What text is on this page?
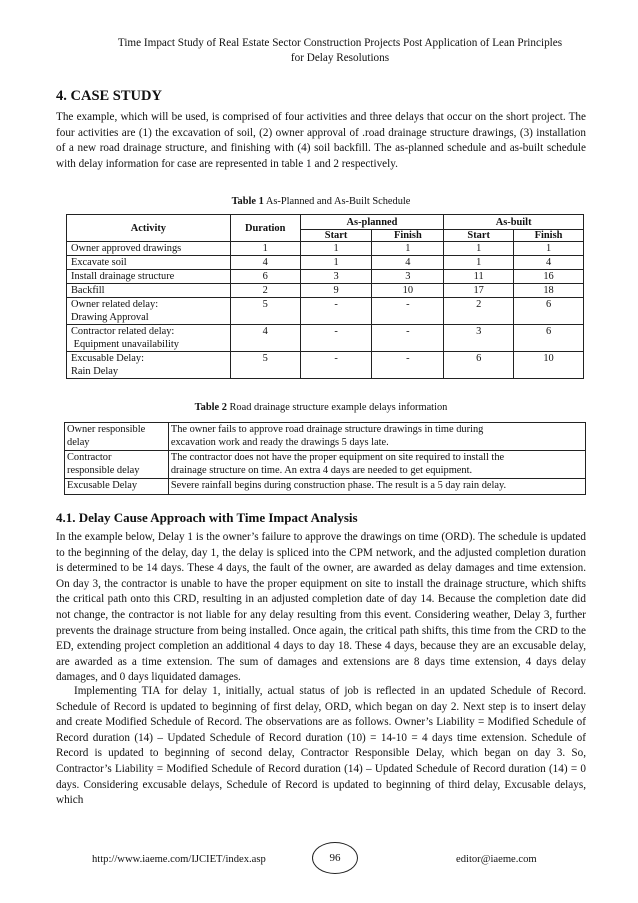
Time Impact Study of Real Estate Sector Construction Projects Post Application of Lean Principles
for Delay Resolutions
4. CASE STUDY

The example, which will be used, is comprised of four activities and three delays that occur on the short project. The four activities are (1) the excavation of soil, (2) owner approval of .road drainage structure drawings, (3) installation of a new road drainage structure, and finishing with (4) soil backfill. The as-planned schedule and as-built schedule with delay information for case are represented in table 1 and 2 respectively.

Table 1 As-Planned and As-Built Schedule

Activity	Duration	As-planned		As-built	
		Start	Finish	Start	Finish
Owner approved drawings	1	1	1	1	1
Excavate soil	4	1	4	1	4
Install drainage structure	6	3	3	11	16
Backfill	2	9	10	17	18
Owner related delay:
Drawing Approval	5	-	-	2	6
Contractor related delay:
Equipment unavailability	4	-	-	3	6
Excusable Delay:
Rain Delay	5	-	-	6	10

Table 2 Road drainage structure example delays information

Owner responsible
delay	The owner fails to approve road drainage structure drawings in time during
excavation work and ready the drawings 5 days late.
Contractor
responsible delay	The contractor does not have the proper equipment on site required to install the
drainage structure on time. An extra 4 days are needed to get equipment.
Excusable Delay	Severe rainfall begins during construction phase. The result is a 5 day rain delay.
4.1. Delay Cause Approach with Time Impact Analysis

In the example below, Delay 1 is the owner’s failure to approve the drawings on time (ORD). The schedule is updated to the beginning of the delay, day 1, the delay is spliced into the CPM network, and the adjusted completion duration is determined to be 14 days. These 4 days, the fault of the owner, are awarded as delay damages and time extension. On day 3, the contractor is unable to have the proper equipment on site to install the drainage structure, which shifts the critical path onto this CRD, resulting in an adjusted completion date of day 14. Because the completion date did not change, the contractor is not liable for any delay resulting from this event. Considering weather, Delay 3, further prevents the drainage structure from being installed. Once again, the critical path shifts, this time from the CRD to the ED, extending project completion an additional 4 days to day 18. These 4 days, because they are an excusable delay, are awarded as a time extension. The sum of damages and extensions are 8 days time extension, 4 days delay damages, and 0 days liquidated damages.

Implementing TIA for delay 1, initially, actual status of job is reflected in an updated Schedule of Record. Schedule of Record is updated to beginning of first delay, ORD, which began on day 2. Next step is to insert delay and create Modified Schedule of Record. The observations are as follows. Owner’s Liability = Modified Schedule of Record duration (14) – Updated Schedule of Record duration (10) = 14-10 = 4 days time extension. Schedule of Record is updated to beginning of second delay, Contractor Responsible Delay, which began on day 3. So, Contractor’s Liability = Modified Schedule of Record duration (14) – Updated Schedule of Record duration (14) = 0 days. Considering excusable delays, Schedule of Record is updated to beginning of third delay, Excusable delays, which

http://www.iaeme.com/IJCIET/index.asp	96	editor@iaeme.com
